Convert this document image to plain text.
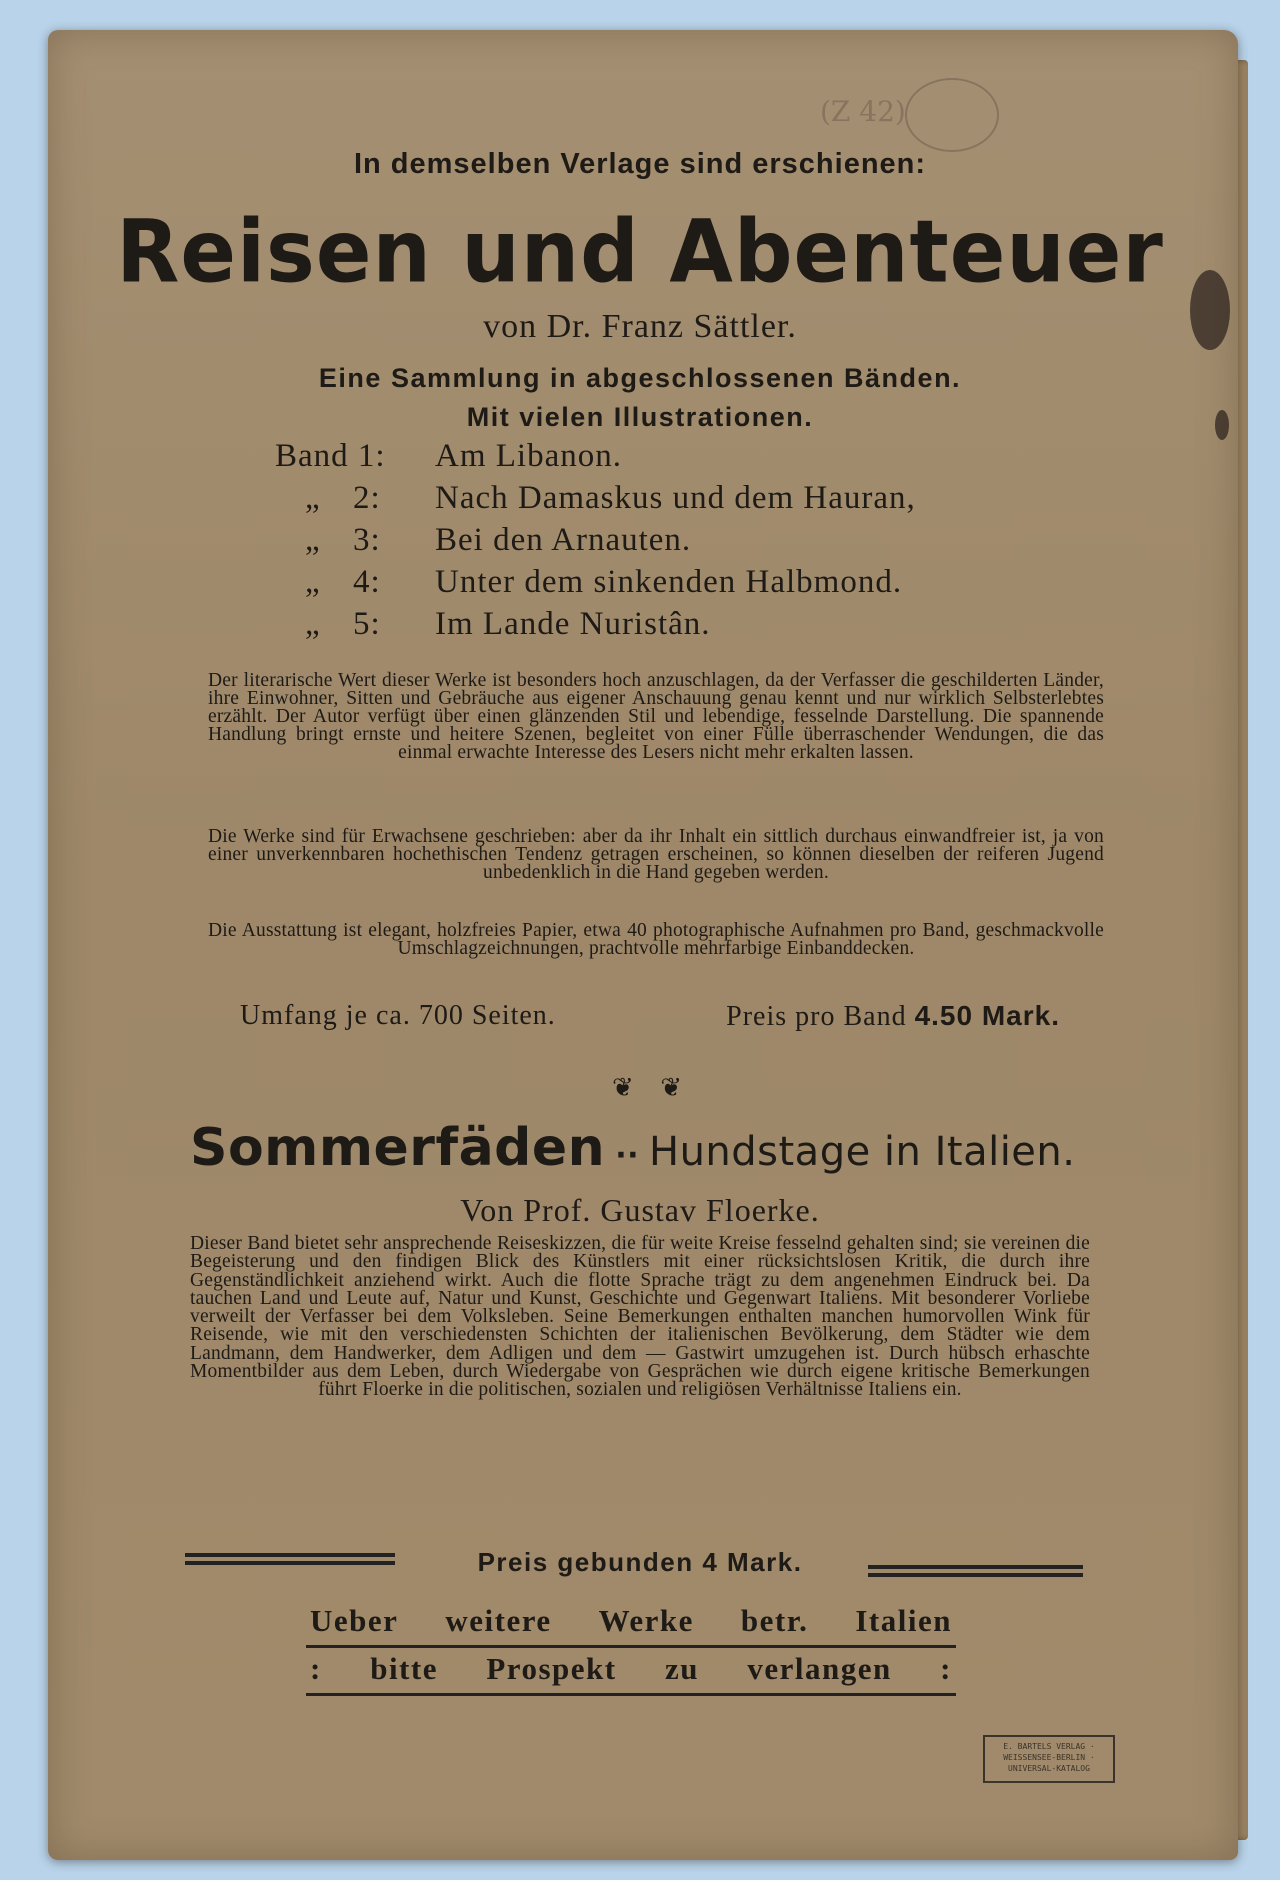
(Z 42)
In demselben Verlage sind erschienen:
Reisen und Abenteuer
von Dr. Franz Sättler.
Eine Sammlung in abgeschlossenen Bänden.
Mit vielen Illustrationen.
Band 1:	Am Libanon.
„ 2:	Nach Damaskus und dem Hauran,
„ 3:	Bei den Arnauten.
„ 4:	Unter dem sinkenden Halbmond.
„ 5:	Im Lande Nuristân.
Der literarische Wert dieser Werke ist besonders hoch anzuschlagen, da der Verfasser die geschilderten Länder, ihre Einwohner, Sitten und Gebräuche aus eigener Anschauung genau kennt und nur wirklich Selbsterlebtes erzählt. Der Autor verfügt über einen glänzenden Stil und lebendige, fesselnde Darstellung. Die spannende Handlung bringt ernste und heitere Szenen, begleitet von einer Fülle überraschender Wendungen, die das einmal erwachte Interesse des Lesers nicht mehr erkalten lassen.
Die Werke sind für Erwachsene geschrieben: aber da ihr Inhalt ein sittlich durchaus einwandfreier ist, ja von einer unverkennbaren hochethischen Tendenz getragen erscheinen, so können dieselben der reiferen Jugend unbedenklich in die Hand gegeben werden.
Die Ausstattung ist elegant, holzfreies Papier, etwa 40 photographische Aufnahmen pro Band, geschmackvolle Umschlagzeichnungen, prachtvolle mehrfarbige Einbanddecken.
Umfang je ca. 700 Seiten.	Preis pro Band 4.50 Mark.
❦ ❦
Sommerfäden ·· Hundstage in Italien.
Von Prof. Gustav Floerke.
Dieser Band bietet sehr ansprechende Reiseskizzen, die für weite Kreise fesselnd gehalten sind; sie vereinen die Begeisterung und den findigen Blick des Künstlers mit einer rücksichtslosen Kritik, die durch ihre Gegenständlichkeit anziehend wirkt. Auch die flotte Sprache trägt zu dem angenehmen Eindruck bei. Da tauchen Land und Leute auf, Natur und Kunst, Geschichte und Gegenwart Italiens. Mit besonderer Vorliebe verweilt der Verfasser bei dem Volksleben. Seine Bemerkungen enthalten manchen humorvollen Wink für Reisende, wie mit den verschiedensten Schichten der italienischen Bevölkerung, dem Städter wie dem Landmann, dem Handwerker, dem Adligen und dem — Gastwirt umzugehen ist. Durch hübsch erhaschte Momentbilder aus dem Leben, durch Wiedergabe von Gesprächen wie durch eigene kritische Bemerkungen führt Floerke in die politischen, sozialen und religiösen Verhältnisse Italiens ein.
Preis gebunden 4 Mark.
Ueber weitere Werke betr. Italien
: bitte Prospekt zu verlangen :
E. BARTELS VERLAG · WEISSENSEE-BERLIN · UNIVERSAL-KATALOG
